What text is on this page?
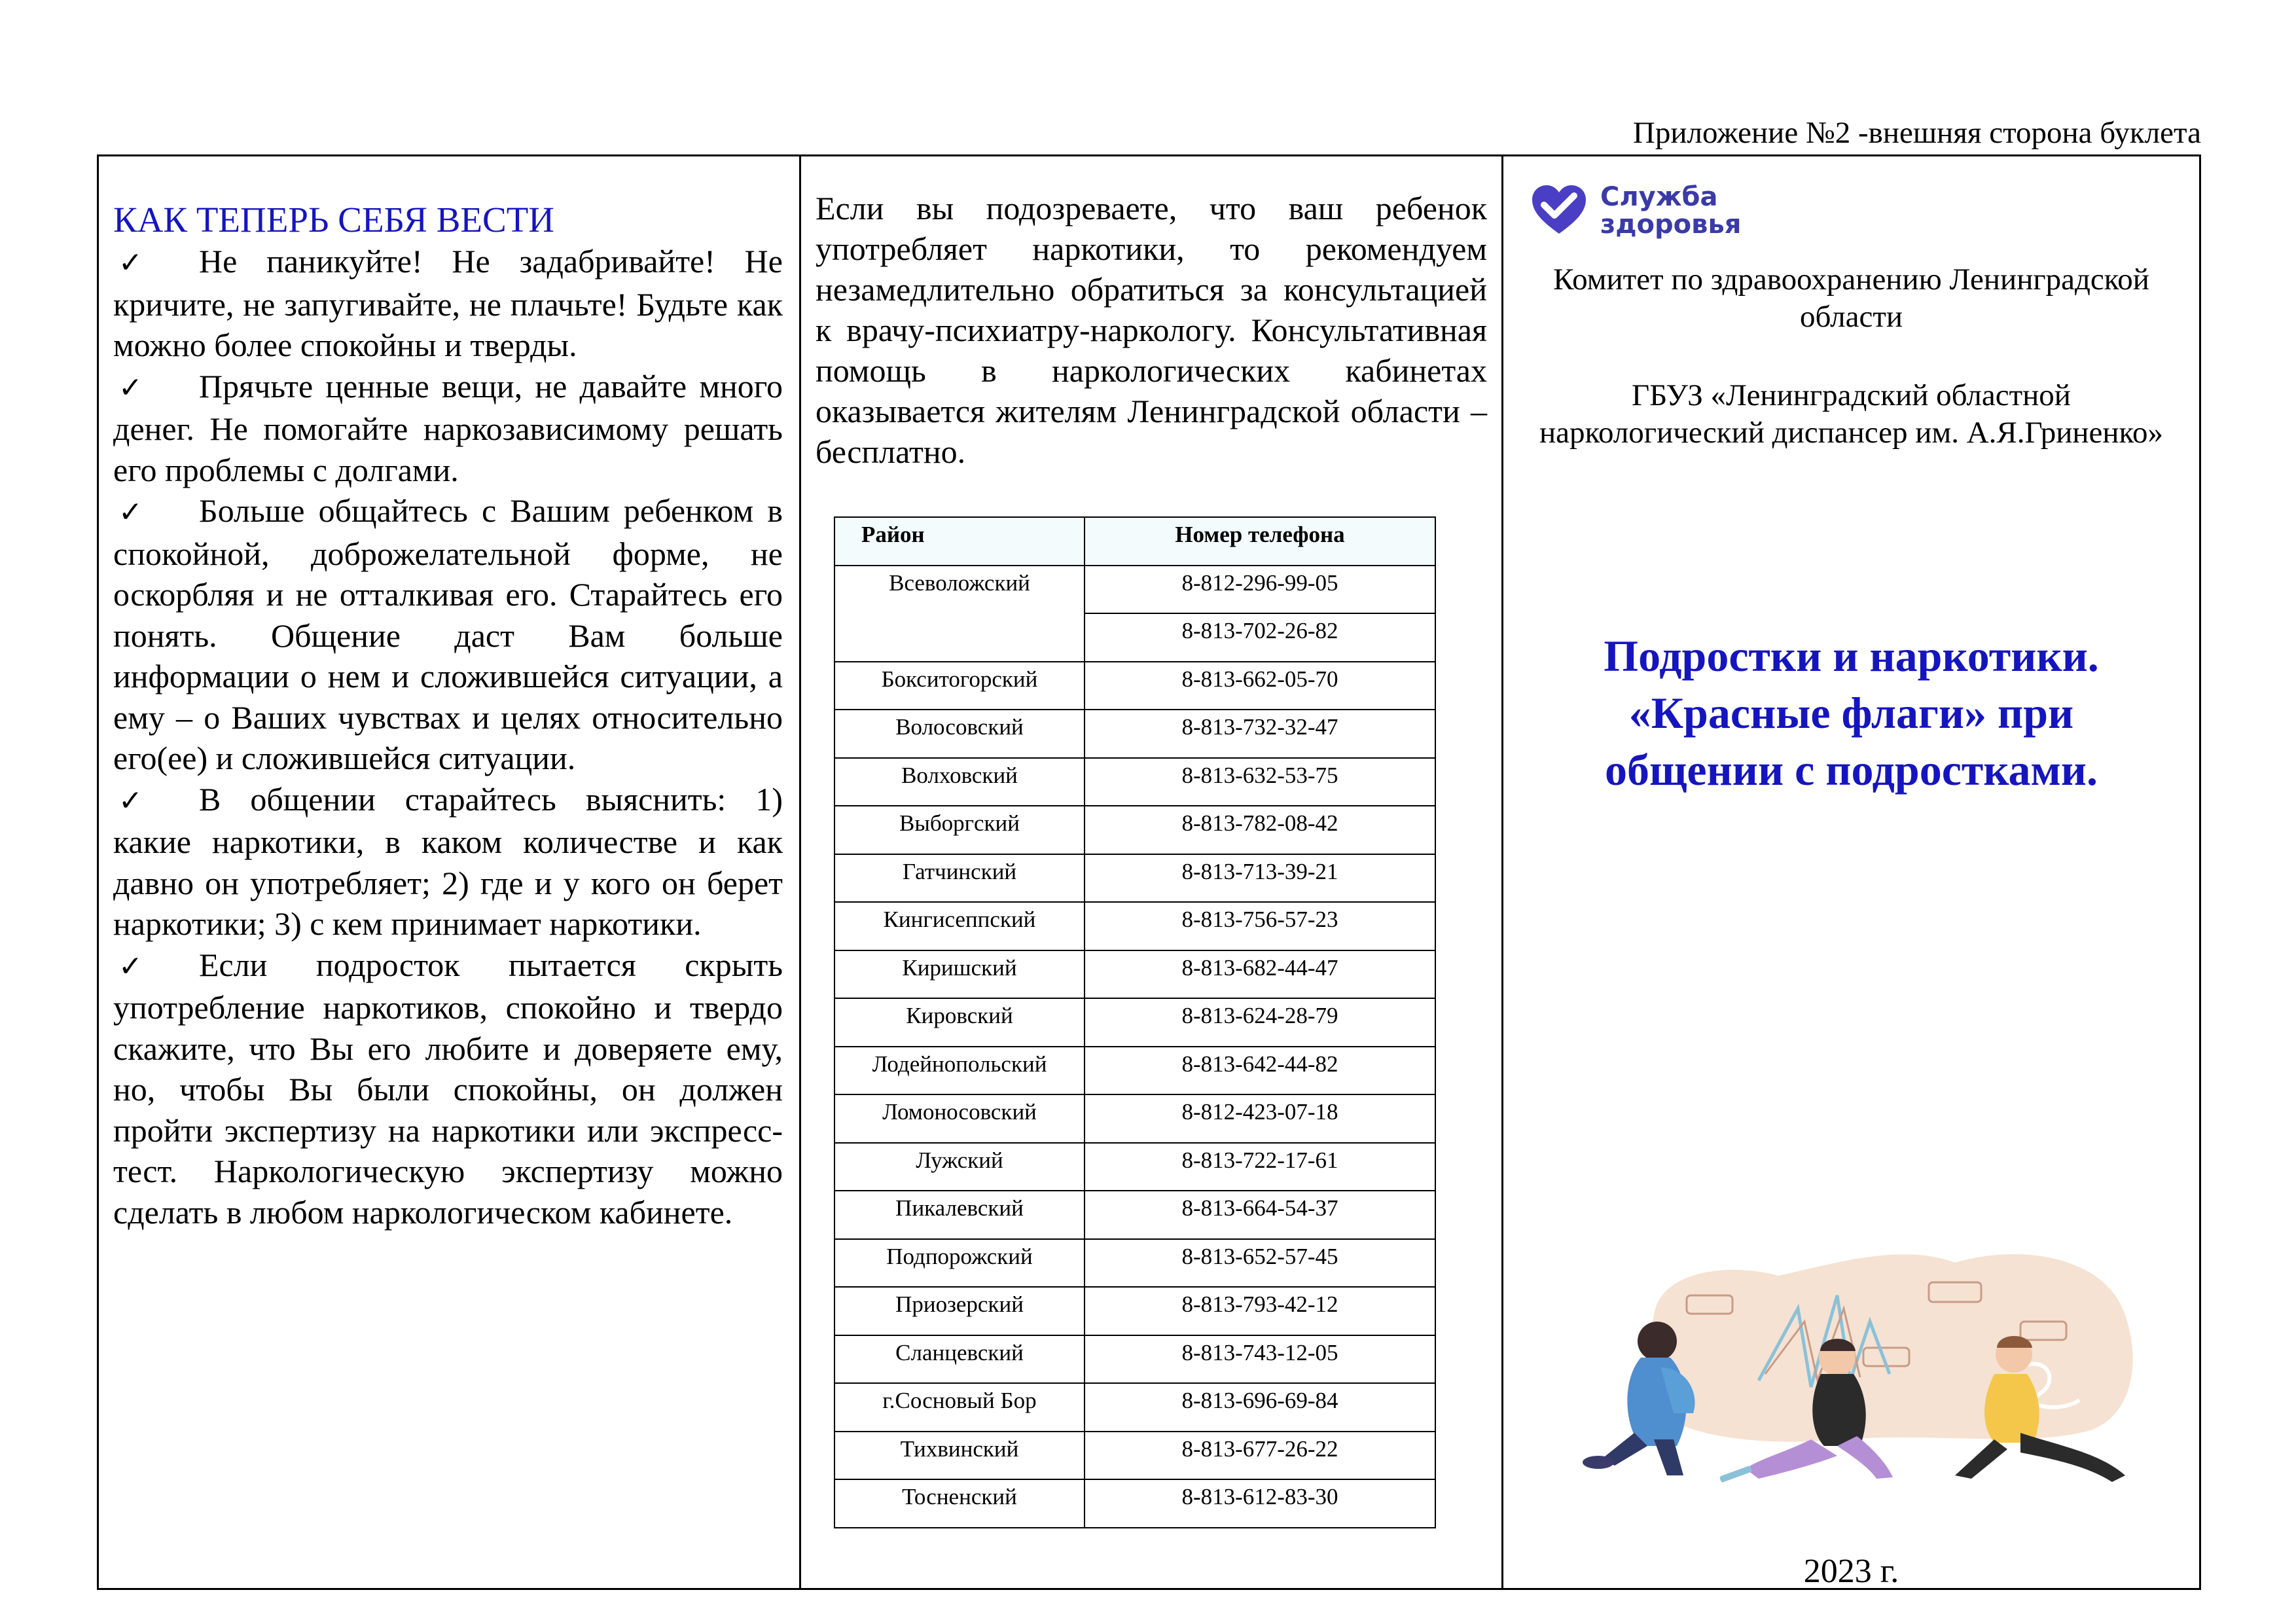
Приложение №2 -внешняя сторона буклета
КАК ТЕПЕРЬ СЕБЯ ВЕСТИ

✓ Не паникуйте! Не задабривайте! Не кричите, не запугивайте, не плачьте! Будьте как можно более спокойны и тверды.

✓ Прячьте ценные вещи, не давайте много денег. Не помогайте наркозависимому решать его проблемы с долгами.

✓ Больше общайтесь с Вашим ребенком в спокойной, доброжелательной форме, не оскорбляя и не отталкивая его. Старайтесь его понять. Общение даст Вам больше информации о нем и сложившейся ситуации, а ему – о Ваших чувствах и целях относительно его(ее) и сложившейся ситуации.

✓ В общении старайтесь выяснить: 1) какие наркотики, в каком количестве и как давно он употребляет; 2) где и у кого он берет наркотики; 3) с кем принимает наркотики.

✓ Если подросток пытается скрыть употребление наркотиков, спокойно и твердо скажите, что Вы его любите и доверяете ему, но, чтобы Вы были спокойны, он должен пройти экспертизу на наркотики или экспресс-тест. Наркологическую экспертизу можно сделать в любом наркологическом кабинете.

Если вы подозреваете, что ваш ребенок употребляет наркотики, то рекомендуем незамедлительно обратиться за консультацией к врачу-психиатру-наркологу. Консультативная помощь в наркологических кабинетах оказывается жителям Ленинградской области – бесплатно.

Район	Номер телефона
Всеволожский	8-812-296-99-05
	8-813-702-26-82
Бокситогорский	8-813-662-05-70
Волосовский	8-813-732-32-47
Волховский	8-813-632-53-75
Выборгский	8-813-782-08-42
Гатчинский	8-813-713-39-21
Кингисеппский	8-813-756-57-23
Киришский	8-813-682-44-47
Кировский	8-813-624-28-79
Лодейнопольский	8-813-642-44-82
Ломоносовский	8-812-423-07-18
Лужский	8-813-722-17-61
Пикалевский	8-813-664-54-37
Подпорожский	8-813-652-57-45
Приозерский	8-813-793-42-12
Сланцевский	8-813-743-12-05
г.Сосновый Бор	8-813-696-69-84
Тихвинский	8-813-677-26-22
Тосненский	8-813-612-83-30
Служба
здоровья
Комитет по здравоохранению Ленинградской области
ГБУЗ «Ленинградский областной наркологический диспансер им. А.Я.Гриненко»
Подростки и наркотики.
«Красные флаги» при
общении с подростками.
2023 г.
